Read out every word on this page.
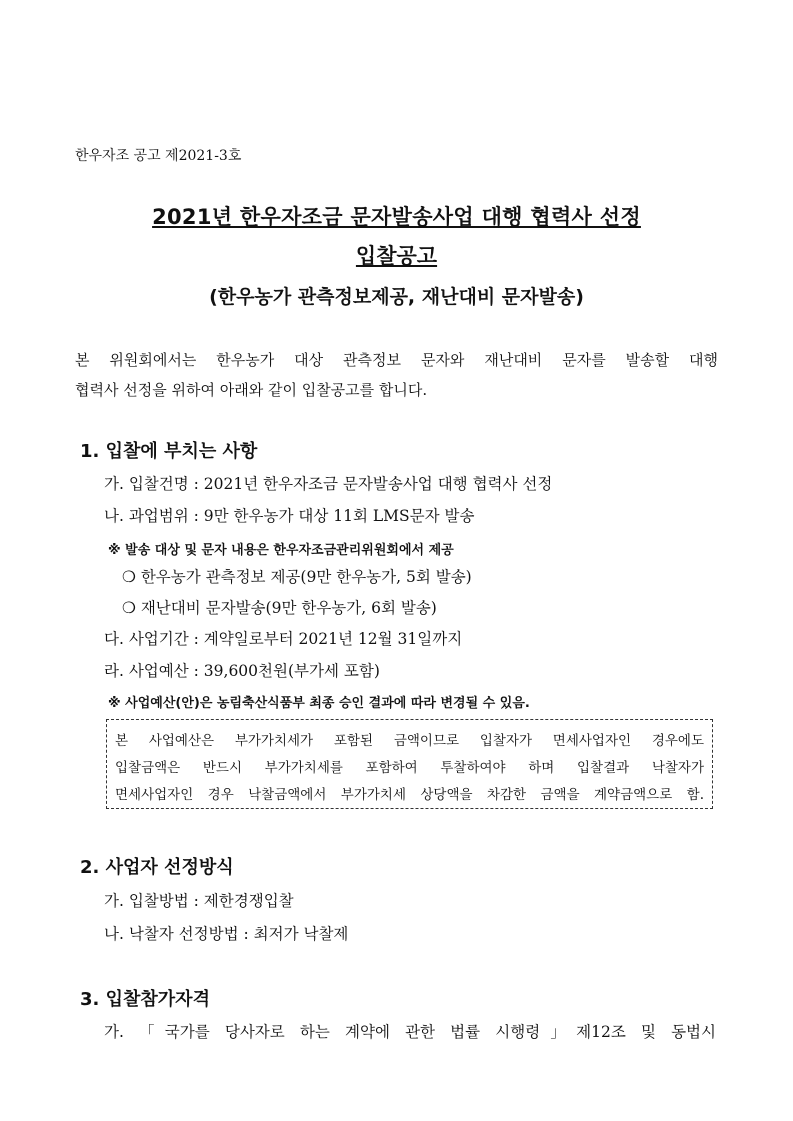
한우자조 공고 제2021-3호
2021년 한우자조금 문자발송사업 대행 협력사 선정
입찰공고
(한우농가 관측정보제공, 재난대비 문자발송)
본 위원회에서는 한우농가 대상 관측정보 문자와 재난대비 문자를 발송할 대행
협력사 선정을 위하여 아래와 같이 입찰공고를 합니다.
1. 입찰에 부치는 사항
가. 입찰건명 : 2021년 한우자조금 문자발송사업 대행 협력사 선정
나. 과업범위 : 9만 한우농가 대상 11회 LMS문자 발송
※ 발송 대상 및 문자 내용은 한우자조금관리위원회에서 제공
❍ 한우농가 관측정보 제공(9만 한우농가, 5회 발송)
❍ 재난대비 문자발송(9만 한우농가, 6회 발송)
다. 사업기간 : 계약일로부터 2021년 12월 31일까지
라. 사업예산 : 39,600천원(부가세 포함)
※ 사업예산(안)은 농림축산식품부 최종 승인 결과에 따라 변경될 수 있음.
본 사업예산은 부가가치세가 포함된 금액이므로 입찰자가 면세사업자인 경우에도
입찰금액은 반드시 부가가치세를 포함하여 투찰하여야 하며 입찰결과 낙찰자가
면세사업자인 경우 낙찰금액에서 부가가치세 상당액을 차감한 금액을 계약금액으로 함.
2. 사업자 선정방식
가. 입찰방법 : 제한경쟁입찰
나. 낙찰자 선정방법 : 최저가 낙찰제
3. 입찰참가자격
가. 「국가를 당사자로 하는 계약에 관한 법률 시행령」제12조 및 동법시
